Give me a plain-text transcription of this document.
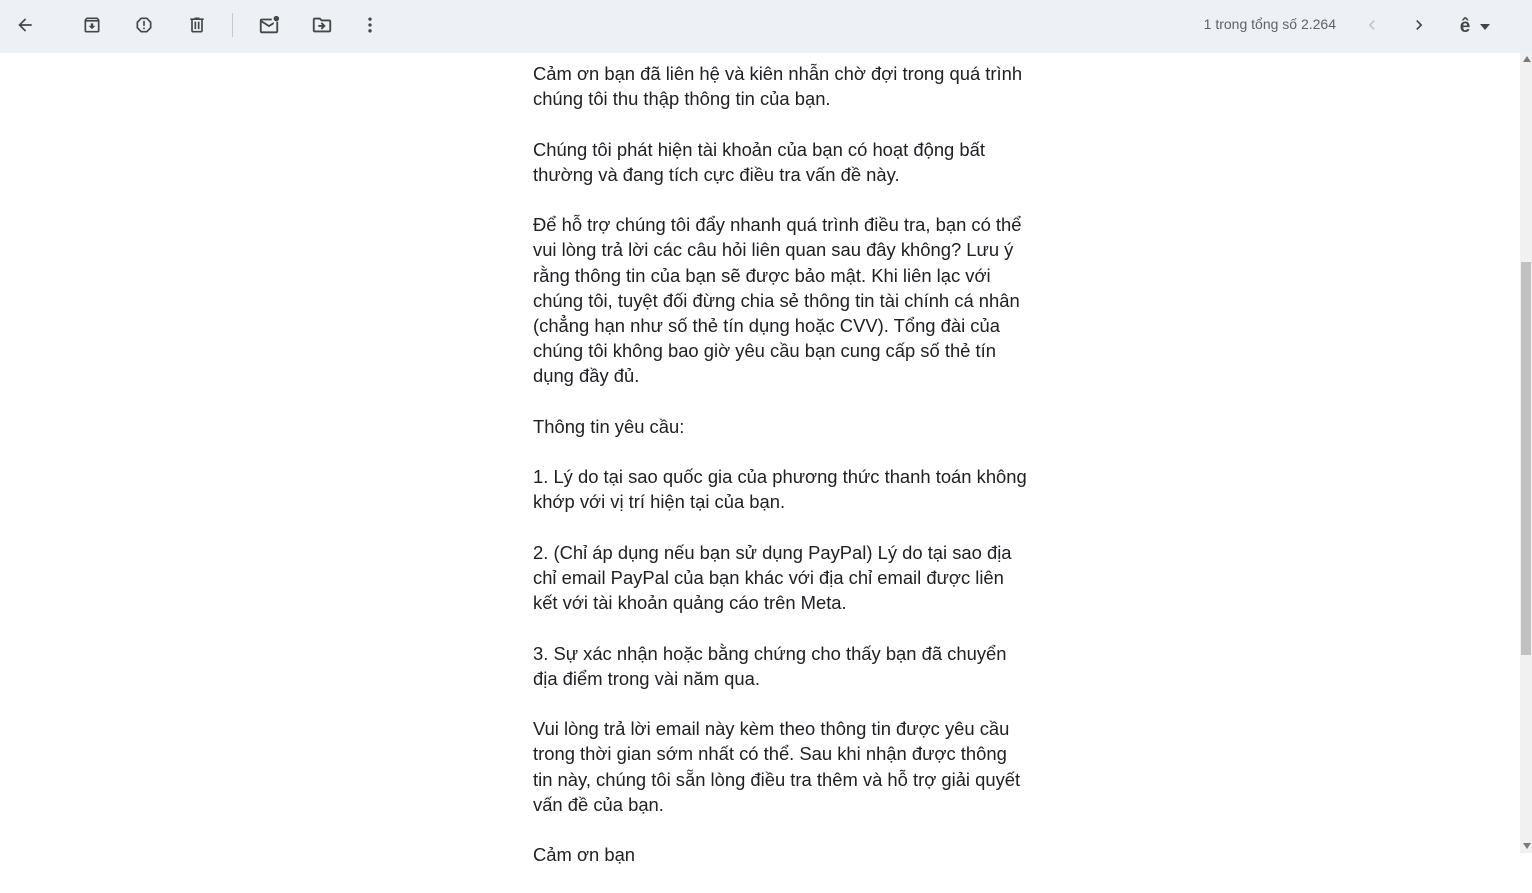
1 trong tổng số 2.264	ê

Cảm ơn bạn đã liên hệ và kiên nhẫn chờ đợi trong quá trình
chúng tôi thu thập thông tin của bạn.

Chúng tôi phát hiện tài khoản của bạn có hoạt động bất
thường và đang tích cực điều tra vấn đề này.

Để hỗ trợ chúng tôi đẩy nhanh quá trình điều tra, bạn có thể
vui lòng trả lời các câu hỏi liên quan sau đây không? Lưu ý
rằng thông tin của bạn sẽ được bảo mật. Khi liên lạc với
chúng tôi, tuyệt đối đừng chia sẻ thông tin tài chính cá nhân
(chẳng hạn như số thẻ tín dụng hoặc CVV). Tổng đài của
chúng tôi không bao giờ yêu cầu bạn cung cấp số thẻ tín
dụng đầy đủ.

Thông tin yêu cầu:

1. Lý do tại sao quốc gia của phương thức thanh toán không
khớp với vị trí hiện tại của bạn.

2. (Chỉ áp dụng nếu bạn sử dụng PayPal) Lý do tại sao địa
chỉ email PayPal của bạn khác với địa chỉ email được liên
kết với tài khoản quảng cáo trên Meta.

3. Sự xác nhận hoặc bằng chứng cho thấy bạn đã chuyển
địa điểm trong vài năm qua.

Vui lòng trả lời email này kèm theo thông tin được yêu cầu
trong thời gian sớm nhất có thể. Sau khi nhận được thông
tin này, chúng tôi sẵn lòng điều tra thêm và hỗ trợ giải quyết
vấn đề của bạn.

Cảm ơn bạn
